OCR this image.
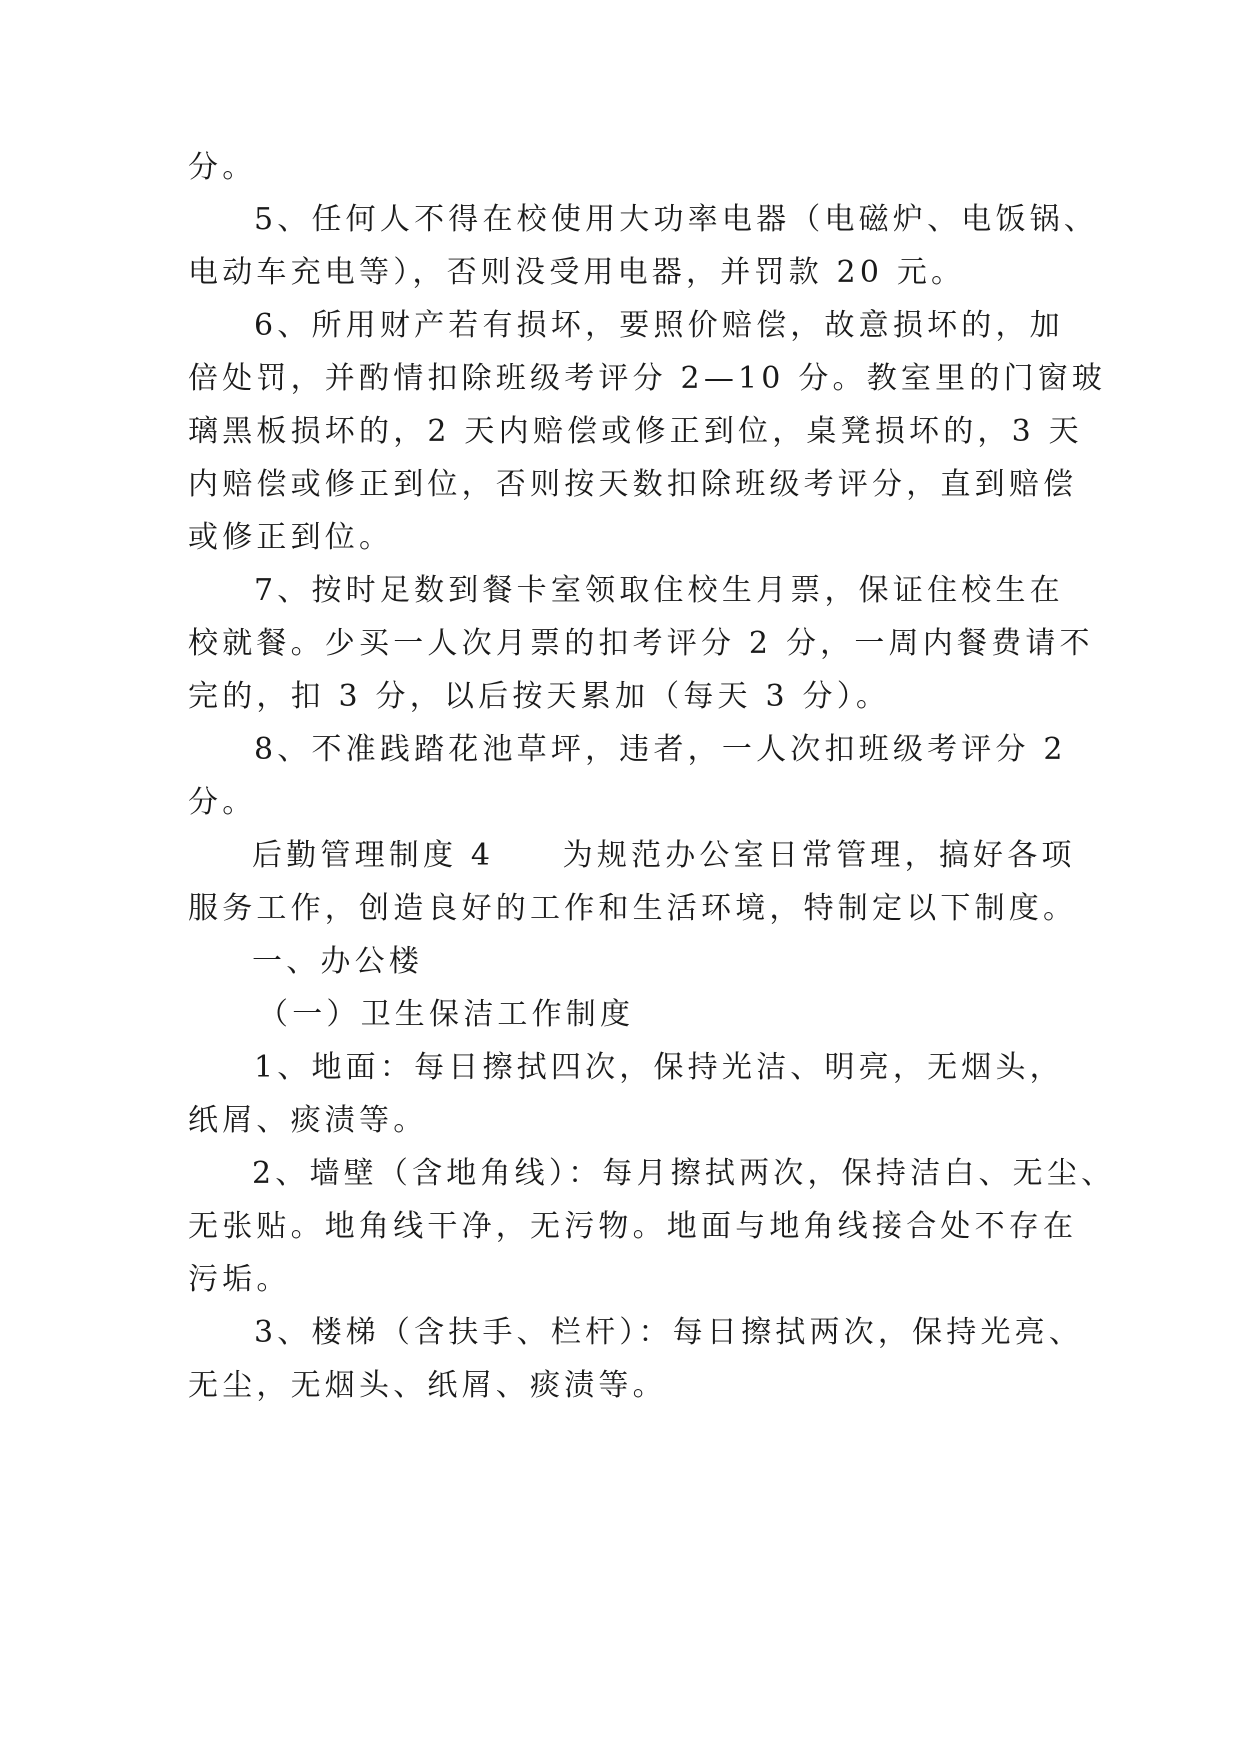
分。
5、任何人不得在校使用大功率电器（电磁炉、电饭锅、
电动车充电等），否则没受用电器，并罚款 20 元。
6、所用财产若有损坏，要照价赔偿，故意损坏的，加
倍处罚，并酌情扣除班级考评分 2—10 分。教室里的门窗玻
璃黑板损坏的，2 天内赔偿或修正到位，桌凳损坏的，3 天
内赔偿或修正到位，否则按天数扣除班级考评分，直到赔偿
或修正到位。
7、按时足数到餐卡室领取住校生月票，保证住校生在
校就餐。少买一人次月票的扣考评分 2 分，一周内餐费请不
完的，扣 3 分，以后按天累加（每天 3 分）。
8、不准践踏花池草坪，违者，一人次扣班级考评分 2
分。
后勤管理制度 4　　为规范办公室日常管理，搞好各项
服务工作，创造良好的工作和生活环境，特制定以下制度。
一、办公楼
（一）卫生保洁工作制度
1、地面：每日擦拭四次，保持光洁、明亮，无烟头，
纸屑、痰渍等。
2、墙壁（含地角线）：每月擦拭两次，保持洁白、无尘、
无张贴。地角线干净，无污物。地面与地角线接合处不存在
污垢。
3、楼梯（含扶手、栏杆）：每日擦拭两次，保持光亮、
无尘，无烟头、纸屑、痰渍等。
